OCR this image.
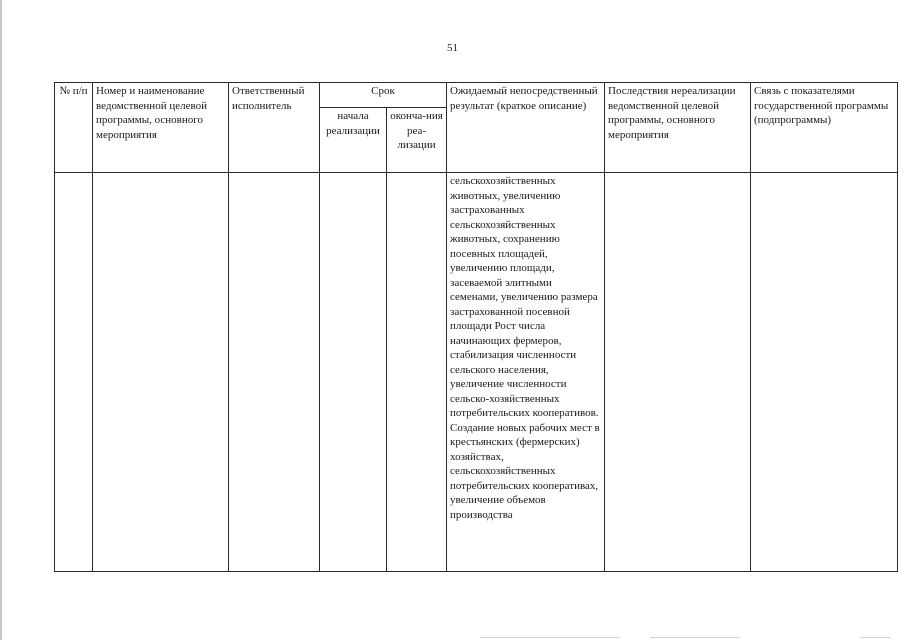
51
№ п/п	Номер и наименование ведомственной целевой программы, основного мероприятия	Ответственный исполнитель	Срок		Ожидаемый непосредственный результат (краткое описание)	Последствия нереализации ведомственной целевой программы, основного мероприятия	Связь с показателями государственной программы (подпрограммы)
			начала реализации	оконча-ния реа-лизации			
					сельскохозяйственных животных, увеличению застрахованных сельскохозяйственных животных, сохранению посевных площадей, увеличению площади, засеваемой элитными семенами, увеличению размера застрахованной посевной площади Рост числа начинающих фермеров, стабилизация численности сельского населения, увеличение численности сельско-хозяйственных потребительских кооперативов. Создание новых рабочих мест в крестьянских (фермерских) хозяйствах, сельскохозяйственных потребительских кооперативах, увеличение объемов производства		
